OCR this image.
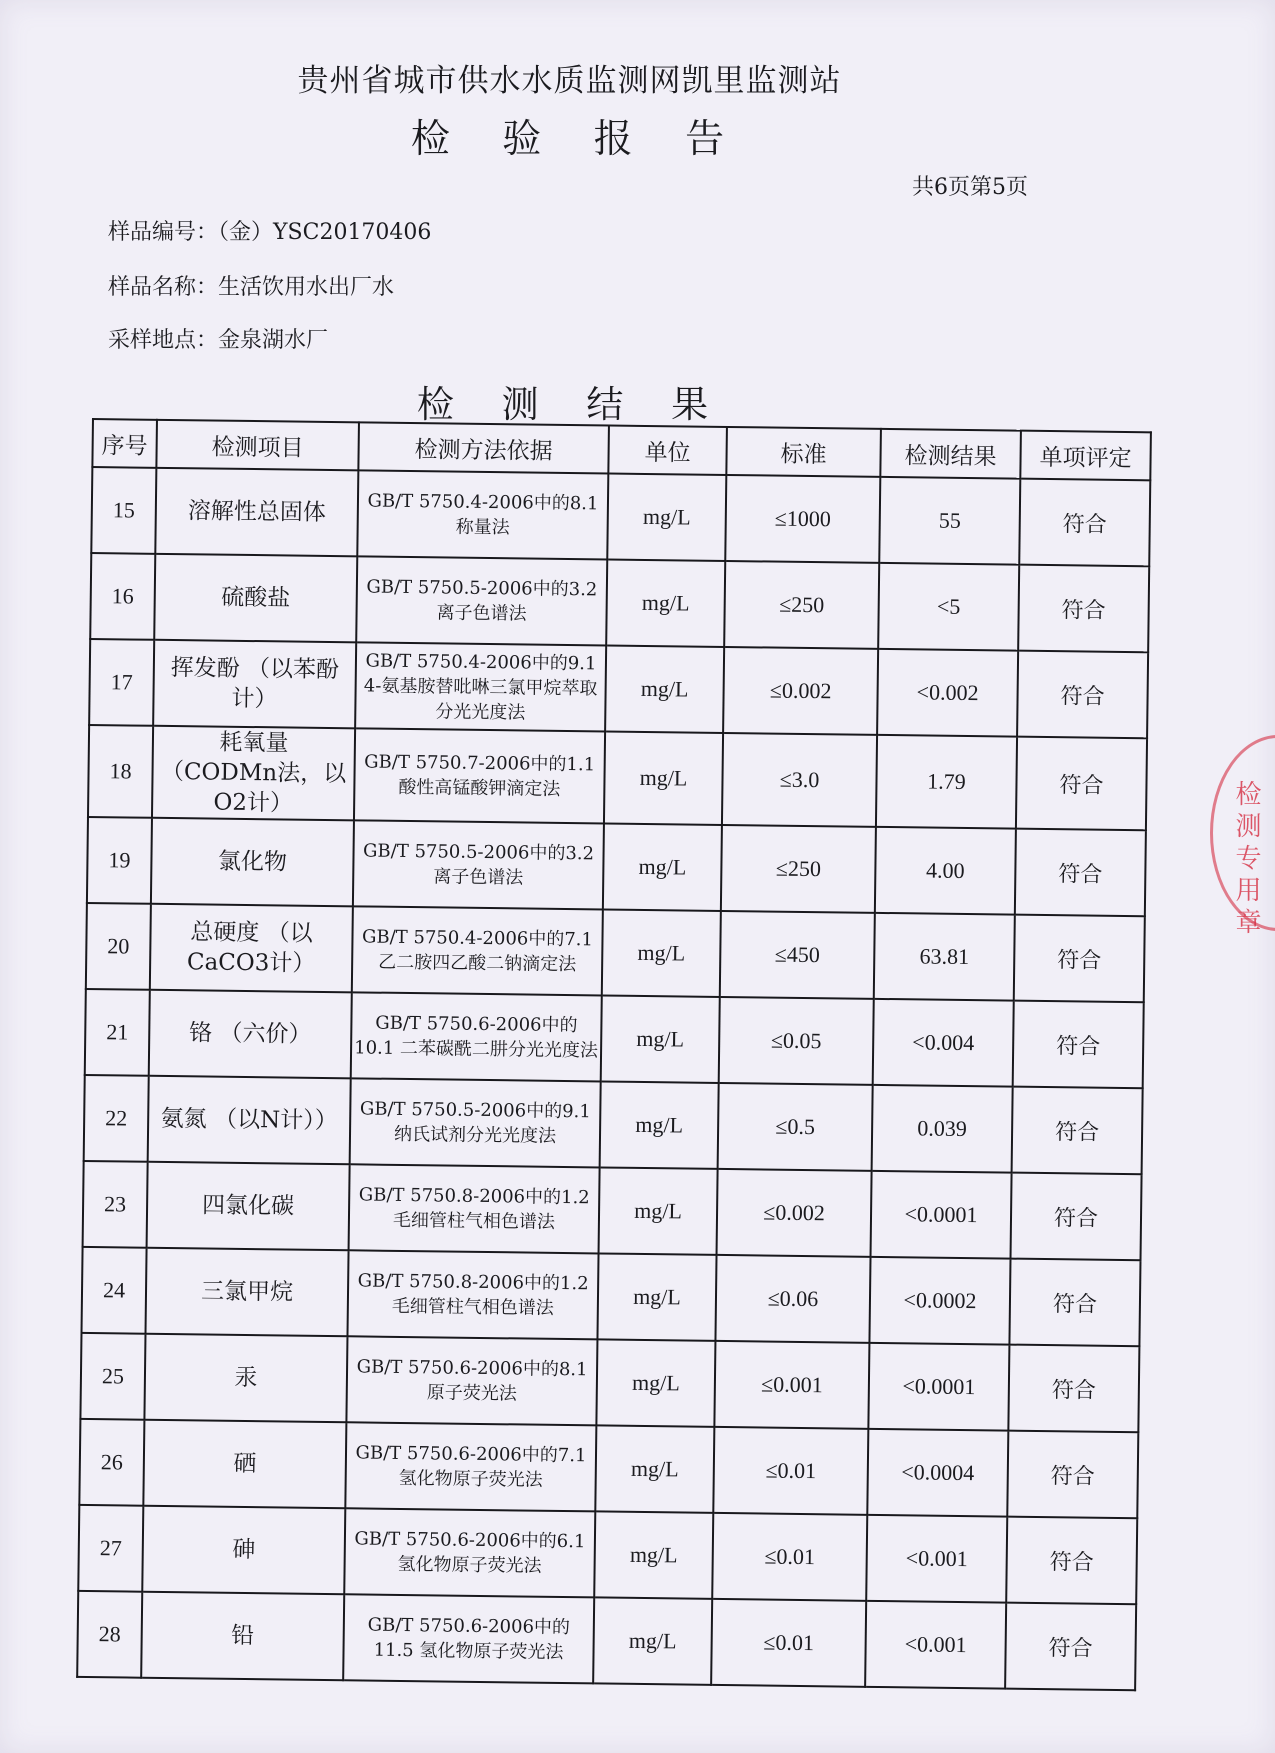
贵州省城市供水水质监测网凯里监测站
检 验 报 告
共6页第5页
样品编号：（金）YSC20170406
样品名称：生活饮用水出厂水
采样地点：金泉湖水厂
检 测 结 果
序号	检测项目	检测方法依据	单位	标准	检测结果	单项评定
15	溶解性总固体	GB/T 5750.4-2006中的8.1 称量法	mg/L	≤1000	55	符合
16	硫酸盐	GB/T 5750.5-2006中的3.2 离子色谱法	mg/L	≤250	<5	符合
17	挥发酚 （以苯酚计）	GB/T 5750.4-2006中的9.1 4-氨基胺替吡啉三氯甲烷萃取分光光度法	mg/L	≤0.002	<0.002	符合
18	耗氧量 （CODMn法，以O2计）	GB/T 5750.7-2006中的1.1 酸性高锰酸钾滴定法	mg/L	≤3.0	1.79	符合
19	氯化物	GB/T 5750.5-2006中的3.2 离子色谱法	mg/L	≤250	4.00	符合
20	总硬度 （以CaCO3计）	GB/T 5750.4-2006中的7.1 乙二胺四乙酸二钠滴定法	mg/L	≤450	63.81	符合
21	铬 （六价）	GB/T 5750.6-2006中的 10.1 二苯碳酰二肼分光光度法	mg/L	≤0.05	<0.004	符合
22	氨氮 （以N计））	GB/T 5750.5-2006中的9.1 纳氏试剂分光光度法	mg/L	≤0.5	0.039	符合
23	四氯化碳	GB/T 5750.8-2006中的1.2 毛细管柱气相色谱法	mg/L	≤0.002	<0.0001	符合
24	三氯甲烷	GB/T 5750.8-2006中的1.2 毛细管柱气相色谱法	mg/L	≤0.06	<0.0002	符合
25	汞	GB/T 5750.6-2006中的8.1 原子荧光法	mg/L	≤0.001	<0.0001	符合
26	硒	GB/T 5750.6-2006中的7.1 氢化物原子荧光法	mg/L	≤0.01	<0.0004	符合
27	砷	GB/T 5750.6-2006中的6.1 氢化物原子荧光法	mg/L	≤0.01	<0.001	符合
28	铅	GB/T 5750.6-2006中的 11.5 氢化物原子荧光法	mg/L	≤0.01	<0.001	符合
检测专用章
